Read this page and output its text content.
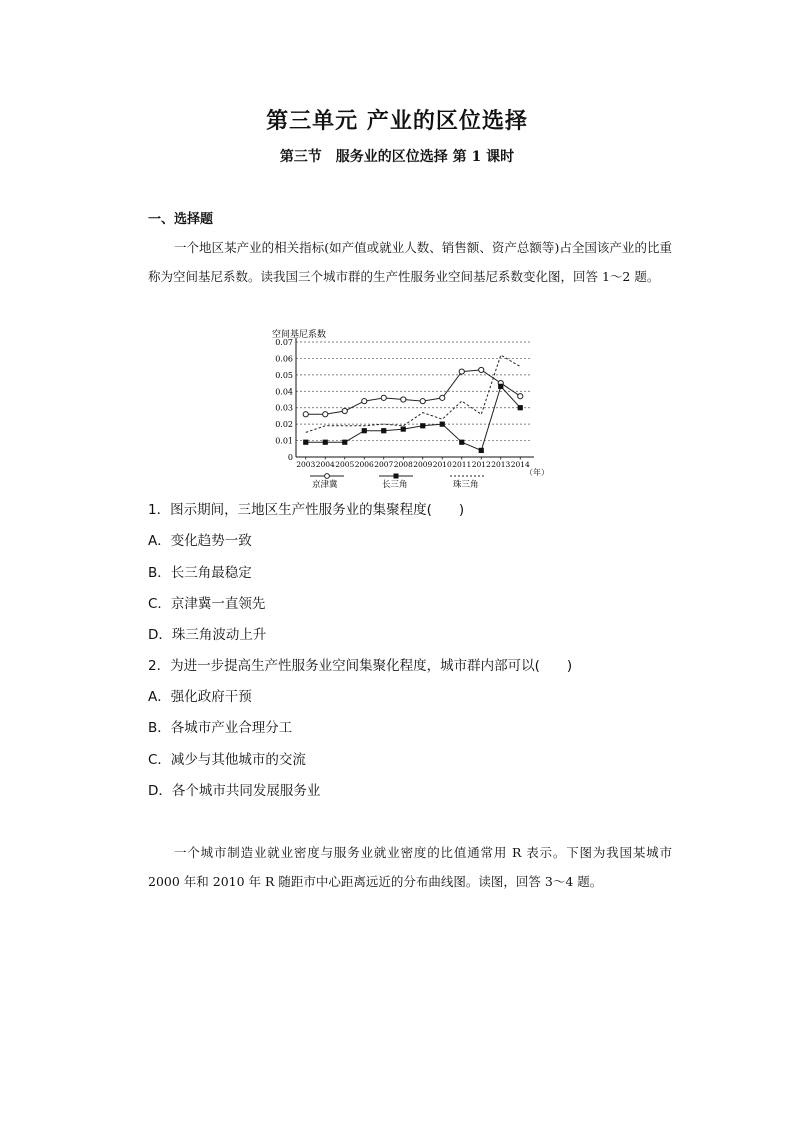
第三单元 产业的区位选择
第三节　服务业的区位选择 第 1 课时
一、选择题
一个地区某产业的相关指标(如产值或就业人数、销售额、资产总额等)占全国该产业的比重称为空间基尼系数。读我国三个城市群的生产性服务业空间基尼系数变化图，回答 1～2 题。
空间基尼系数
0
0.01
0.02
0.03
0.04
0.05
0.06
0.07
2003 2004 2005 2006 2007 2008 2009 2010 2011 2012 2013 2014
（年）
京津冀	长三角	珠三角
1．图示期间，三地区生产性服务业的集聚程度(　　)
A．变化趋势一致
B．长三角最稳定
C．京津冀一直领先
D．珠三角波动上升
2．为进一步提高生产性服务业空间集聚化程度，城市群内部可以(　　)
A．强化政府干预
B．各城市产业合理分工
C．减少与其他城市的交流
D．各个城市共同发展服务业
一个城市制造业就业密度与服务业就业密度的比值通常用 R 表示。下图为我国某城市 2000 年和 2010 年 R 随距市中心距离远近的分布曲线图。读图，回答 3～4 题。
